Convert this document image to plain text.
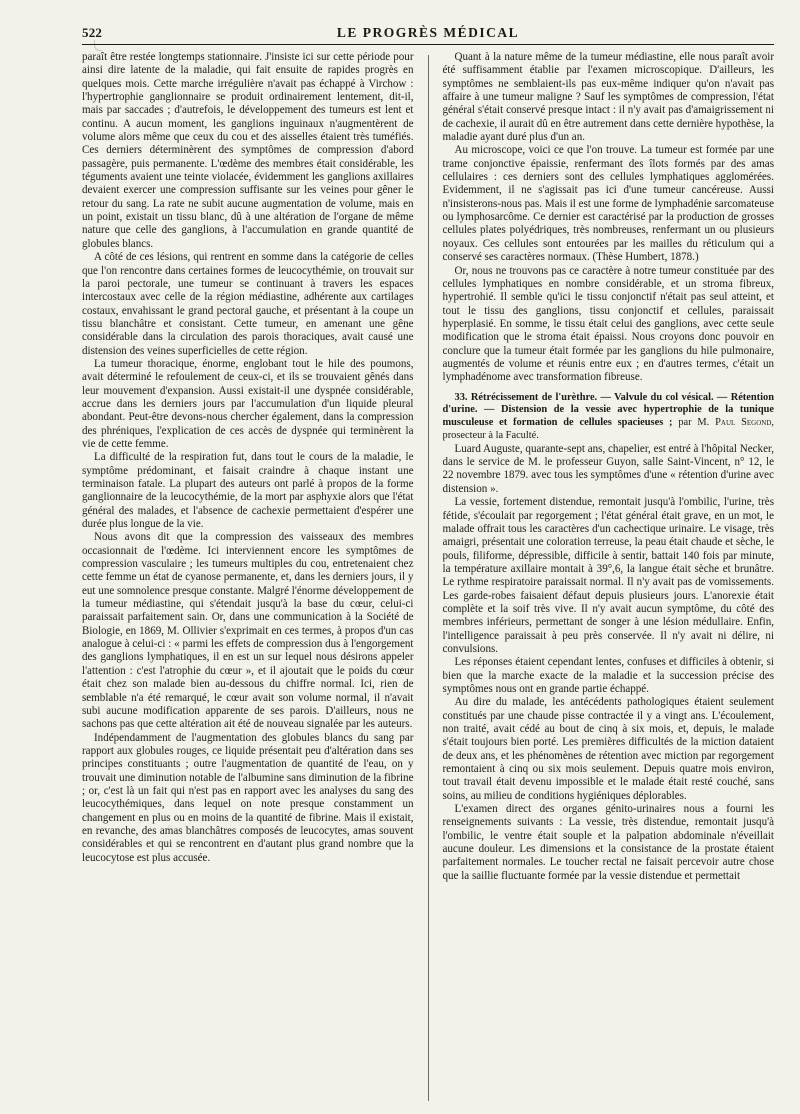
522	LE PROGRÈS MÉDICAL

paraît être restée longtemps stationnaire. J'insiste ici sur cette période pour ainsi dire latente de la maladie, qui fait ensuite de rapides progrès en quelques mois. Cette marche irrégulière n'avait pas échappé à Virchow : l'hypertrophie ganglionnaire se produit ordinairement lentement, dit-il, mais par saccades ; d'autrefois, le développement des tumeurs est lent et continu. A aucun moment, les ganglions inguinaux n'augmentèrent de volume alors même que ceux du cou et des aisselles étaient très tuméfiés. Ces derniers déterminèrent des symptômes de compression d'abord passagère, puis permanente. L'œdème des membres était considérable, les téguments avaient une teinte violacée, évidemment les ganglions axillaires devaient exercer une compression suffisante sur les veines pour gêner le retour du sang. La rate ne subit aucune augmentation de volume, mais en un point, existait un tissu blanc, dû à une altération de l'organe de même nature que celle des ganglions, à l'accumulation en grande quantité de globules blancs.

A côté de ces lésions, qui rentrent en somme dans la catégorie de celles que l'on rencontre dans certaines formes de leucocythémie, on trouvait sur la paroi pectorale, une tumeur se continuant à travers les espaces intercostaux avec celle de la région médiastine, adhérente aux cartilages costaux, envahissant le grand pectoral gauche, et présentant à la coupe un tissu blanchâtre et consistant. Cette tumeur, en amenant une gêne considérable dans la circulation des parois thoraciques, avait causé une distension des veines superficielles de cette région.

La tumeur thoracique, énorme, englobant tout le hile des poumons, avait déterminé le refoulement de ceux-ci, et ils se trouvaient gênés dans leur mouvement d'expansion. Aussi existait-il une dyspnée considérable, accrue dans les derniers jours par l'accumulation d'un liquide pleural abondant. Peut-être devons-nous chercher également, dans la compression des phréniques, l'explication de ces accès de dyspnée qui terminèrent la vie de cette femme.

La difficulté de la respiration fut, dans tout le cours de la maladie, le symptôme prédominant, et faisait craindre à chaque instant une terminaison fatale. La plupart des auteurs ont parlé à propos de la forme ganglionnaire de la leucocythémie, de la mort par asphyxie alors que l'état général des malades, et l'absence de cachexie permettaient d'espérer une durée plus longue de la vie.

Nous avons dit que la compression des vaisseaux des membres occasionnait de l'œdème. Ici interviennent encore les symptômes de compression vasculaire ; les tumeurs multiples du cou, entretenaient chez cette femme un état de cyanose permanente, et, dans les derniers jours, il y eut une somnolence presque constante. Malgré l'énorme développement de la tumeur médiastine, qui s'étendait jusqu'à la base du cœur, celui-ci paraissait parfaitement sain. Or, dans une communication à la Société de Biologie, en 1869, M. Ollivier s'exprimait en ces termes, à propos d'un cas analogue à celui-ci : « parmi les effets de compression dus à l'engorgement des ganglions lymphatiques, il en est un sur lequel nous désirons appeler l'attention : c'est l'atrophie du cœur », et il ajoutait que le poids du cœur était chez son malade bien au-dessous du chiffre normal. Ici, rien de semblable n'a été remarqué, le cœur avait son volume normal, il n'avait subi aucune modification apparente de ses parois. D'ailleurs, nous ne sachons pas que cette altération ait été de nouveau signalée par les auteurs.

Indépendamment de l'augmentation des globules blancs du sang par rapport aux globules rouges, ce liquide présentait peu d'altération dans ses principes constituants ; outre l'augmentation de quantité de l'eau, on y trouvait une diminution notable de l'albumine sans diminution de la fibrine ; or, c'est là un fait qui n'est pas en rapport avec les analyses du sang des leucocythémiques, dans lequel on note presque constamment un changement en plus ou en moins de la quantité de fibrine. Mais il existait, en revanche, des amas blanchâtres composés de leucocytes, amas souvent considérables et qui se rencontrent en d'autant plus grand nombre que la leucocytose est plus accusée.

Quant à la nature même de la tumeur médiastine, elle nous paraît avoir été suffisamment établie par l'examen microscopique. D'ailleurs, les symptômes ne semblaient-ils pas eux-même indiquer qu'on n'avait pas affaire à une tumeur maligne ? Sauf les symptômes de compression, l'état général s'était conservé presque intact : il n'y avait pas d'amaigrissement ni de cachexie, il aurait dû en être autrement dans cette dernière hypothèse, la maladie ayant duré plus d'un an.

Au microscope, voici ce que l'on trouve. La tumeur est formée par une trame conjonctive épaissie, renfermant des îlots formés par des amas cellulaires : ces derniers sont des cellules lymphatiques agglomérées. Evidemment, il ne s'agissait pas ici d'une tumeur cancéreuse. Aussi n'insisterons-nous pas. Mais il est une forme de lymphadénie sarcomateuse ou lymphosarcôme. Ce dernier est caractérisé par la production de grosses cellules plates polyédriques, très nombreuses, renfermant un ou plusieurs noyaux. Ces cellules sont entourées par les mailles du réticulum qui a conservé ses caractères normaux. (Thèse Humbert, 1878.)

Or, nous ne trouvons pas ce caractère à notre tumeur constituée par des cellules lymphatiques en nombre considérable, et un stroma fibreux, hypertrohié. Il semble qu'ici le tissu conjonctif n'était pas seul atteint, et tout le tissu des ganglions, tissu conjonctif et cellules, paraissait hyperplasié. En somme, le tissu était celui des ganglions, avec cette seule modification que le stroma était épaissi. Nous croyons donc pouvoir en conclure que la tumeur était formée par les ganglions du hile pulmonaire, augmentés de volume et réunis entre eux ; en d'autres termes, c'était un lymphadénome avec transformation fibreuse.

33. Rétrécissement de l'urèthre. — Valvule du col vésical. — Rétention d'urine. — Distension de la vessie avec hypertrophie de la tunique musculeuse et formation de cellules spacieuses ; par M. Paul Segond, prosecteur à la Faculté.

Luard Auguste, quarante-sept ans, chapelier, est entré à l'hôpital Necker, dans le service de M. le professeur Guyon, salle Saint-Vincent, n° 12, le 22 novembre 1879. avec tous les symptômes d'une « rétention d'urine avec distension ».

La vessie, fortement distendue, remontait jusqu'à l'ombilic, l'urine, très fétide, s'écoulait par regorgement ; l'état général était grave, en un mot, le malade offrait tous les caractères d'un cachectique urinaire. Le visage, très amaigri, présentait une coloration terreuse, la peau était chaude et sèche, le pouls, filiforme, dépressible, difficile à sentir, battait 140 fois par minute, la température axillaire montait à 39°,6, la langue était sèche et brunâtre. Le rythme respiratoire paraissait normal. Il n'y avait pas de vomissements. Les garde-robes faisaient défaut depuis plusieurs jours. L'anorexie était complète et la soif très vive. Il n'y avait aucun symptôme, du côté des membres inférieurs, permettant de songer à une lésion médullaire. Enfin, l'intelligence paraissait à peu près conservée. Il n'y avait ni délire, ni convulsions.

Les réponses étaient cependant lentes, confuses et difficiles à obtenir, si bien que la marche exacte de la maladie et la succession précise des symptômes nous ont en grande partie échappé.

Au dire du malade, les antécédents pathologiques étaient seulement constitués par une chaude pisse contractée il y a vingt ans. L'écoulement, non traité, avait cédé au bout de cinq à six mois, et, depuis, le malade s'était toujours bien porté. Les premières difficultés de la miction dataient de deux ans, et les phénomènes de rétention avec miction par regorgement remontaient à cinq ou six mois seulement. Depuis quatre mois environ, tout travail était devenu impossible et le malade était resté couché, sans soins, au milieu de conditions hygiéniques déplorables.

L'examen direct des organes génito-urinaires nous a fourni les renseignements suivants : La vessie, très distendue, remontait jusqu'à l'ombilic, le ventre était souple et la palpation abdominale n'éveillait aucune douleur. Les dimensions et la consistance de la prostate étaient parfaitement normales. Le toucher rectal ne faisait percevoir autre chose que la saillie fluctuante formée par la vessie distendue et permettait
